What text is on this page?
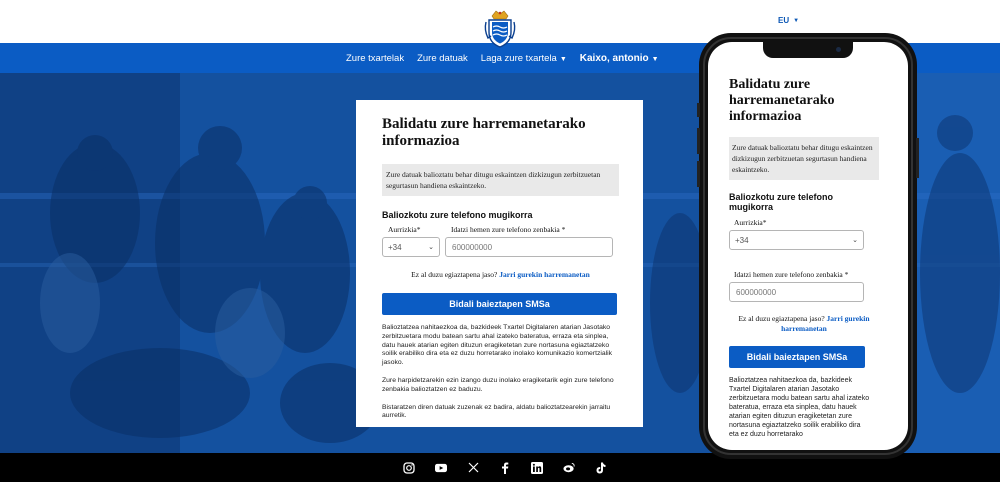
EU ▼
Zure txartelak Zure datuak Laga zure txartela ▼ Kaixo, antonio ▼
Balidatu zure harremanetarako informazioa
Zure datuak balioztatu behar ditugu eskaintzen dizkizugun zerbitzuetan segurtasun handiena eskaintzeko.
Baliozkotu zure telefono mugikorra
Aurrizkia*
+34	⌄
Idatzi hemen zure telefono zenbakia *
600000000
Ez al duzu egiaztapena jaso? Jarri gurekin harremanetan
Bidali baieztapen SMSa

Balioztatzea nahitaezkoa da, bazkideek Txartel Digitalaren atarian Jasotako zerbitzuetara modu batean sartu ahal izateko bateratua, erraza eta sinplea, datu hauek atarian egiten dituzun eragiketetan zure nortasuna egiaztatzeko soilik erabiliko dira eta ez duzu horretarako inolako komunikazio komertzialik jasoko.

Zure harpidetzarekin ezin izango duzu inolako eragiketarik egin zure telefono zenbakia balioztatzen ez baduzu.

Bistaratzen diren datuak zuzenak ez badira, aldatu balioztatzearekin jarraitu aurretik.

Balidatu zure harremanetarako informazioa
Zure datuak balioztatu behar ditugu eskaintzen dizkizugun zerbitzuetan segurtasun handiena eskaintzeko.
Baliozkotu zure telefono mugikorra
Aurrizkia*
+34	⌄
Idatzi hemen zure telefono zenbakia *
600000000
Ez al duzu egiaztapena jaso? Jarri gurekin harremanetan
Bidali baieztapen SMSa

Balioztatzea nahitaezkoa da, bazkideek Txartel Digitalaren atarian Jasotako zerbitzuetara modu batean sartu ahal izateko bateratua, erraza eta sinplea, datu hauek atarian egiten dituzun eragiketetan zure nortasuna egiaztatzeko soilik erabiliko dira eta ez duzu horretarako
